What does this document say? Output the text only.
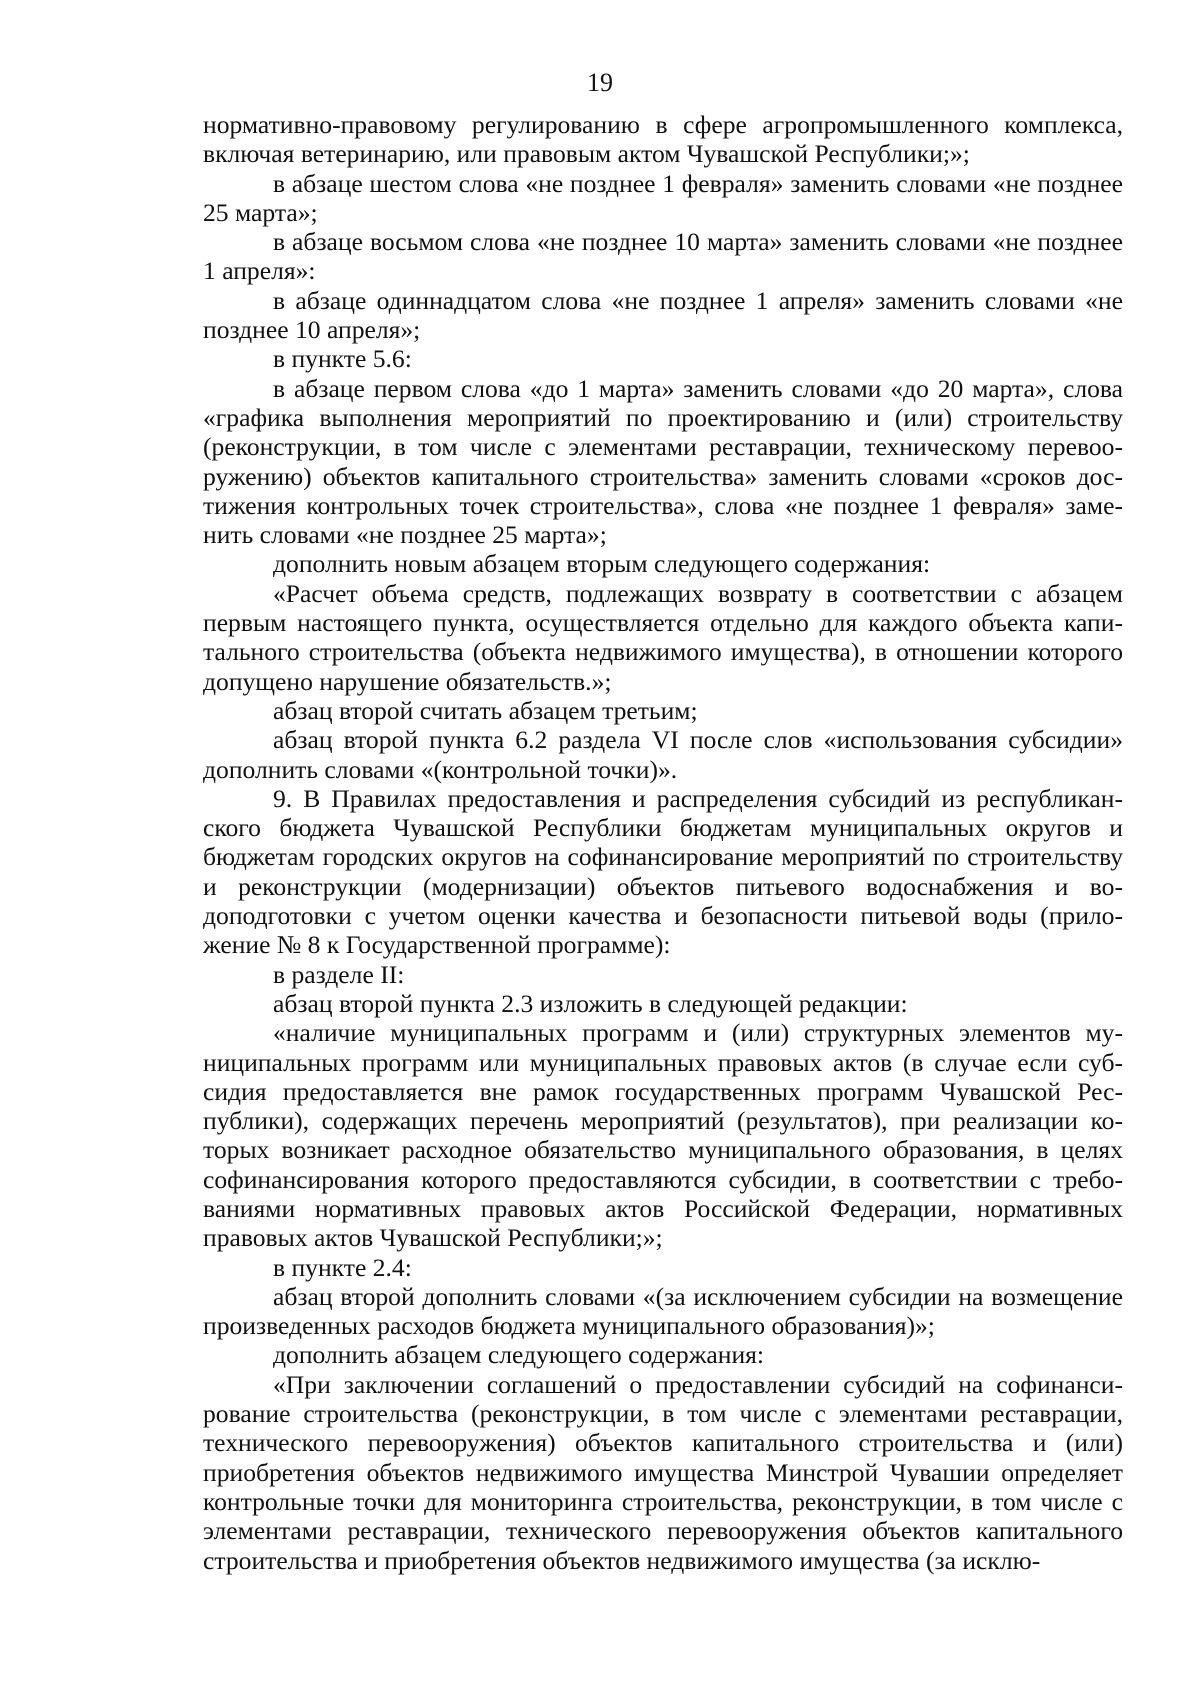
19

нормативно-правовому регулированию в сфере агропромышленного комплекса, включая ветеринарию, или правовым актом Чувашской Республики;»;

в абзаце шестом слова «не позднее 1 февраля» заменить словами «не позднее 25 марта»;

в абзаце восьмом слова «не позднее 10 марта» заменить словами «не позднее 1 апреля»:

в абзаце одиннадцатом слова «не позднее 1 апреля» заменить словами «не позднее 10 апреля»;

в пункте 5.6:

в абзаце первом слова «до 1 марта» заменить словами «до 20 марта», слова «графика выполнения мероприятий по проектированию и (или) строительству (реконструкции, в том числе с элементами реставрации, техническому перевооружению) объектов капитального строительства» заменить словами «сроков достижения контрольных точек строительства», слова «не позднее 1 февраля» заменить словами «не позднее 25 марта»;

дополнить новым абзацем вторым следующего содержания:

«Расчет объема средств, подлежащих возврату в соответствии с абзацем первым настоящего пункта, осуществляется отдельно для каждого объекта капитального строительства (объекта недвижимого имущества), в отношении которого допущено нарушение обязательств.»;

абзац второй считать абзацем третьим;

абзац второй пункта 6.2 раздела VI после слов «использования субсидии» дополнить словами «(контрольной точки)».

9. В Правилах предоставления и распределения субсидий из республиканского бюджета Чувашской Республики бюджетам муниципальных округов и бюджетам городских округов на софинансирование мероприятий по строительству и реконструкции (модернизации) объектов питьевого водоснабжения и водоподготовки с учетом оценки качества и безопасности питьевой воды (приложение № 8 к Государственной программе):

в разделе II:

абзац второй пункта 2.3 изложить в следующей редакции:

«наличие муниципальных программ и (или) структурных элементов муниципальных программ или муниципальных правовых актов (в случае если субсидия предоставляется вне рамок государственных программ Чувашской Республики), содержащих перечень мероприятий (результатов), при реализации которых возникает расходное обязательство муниципального образования, в целях софинансирования которого предоставляются субсидии, в соответствии с требованиями нормативных правовых актов Российской Федерации, нормативных правовых актов Чувашской Республики;»;

в пункте 2.4:

абзац второй дополнить словами «(за исключением субсидии на возмещение произведенных расходов бюджета муниципального образования)»;

дополнить абзацем следующего содержания:

«При заключении соглашений о предоставлении субсидий на софинансирование строительства (реконструкции, в том числе с элементами реставрации, технического перевооружения) объектов капитального строительства и (или) приобретения объектов недвижимого имущества Минстрой Чувашии определяет контрольные точки для мониторинга строительства, реконструкции, в том числе с элементами реставрации, технического перевооружения объектов капитального строительства и приобретения объектов недвижимого имущества (за исклю-
